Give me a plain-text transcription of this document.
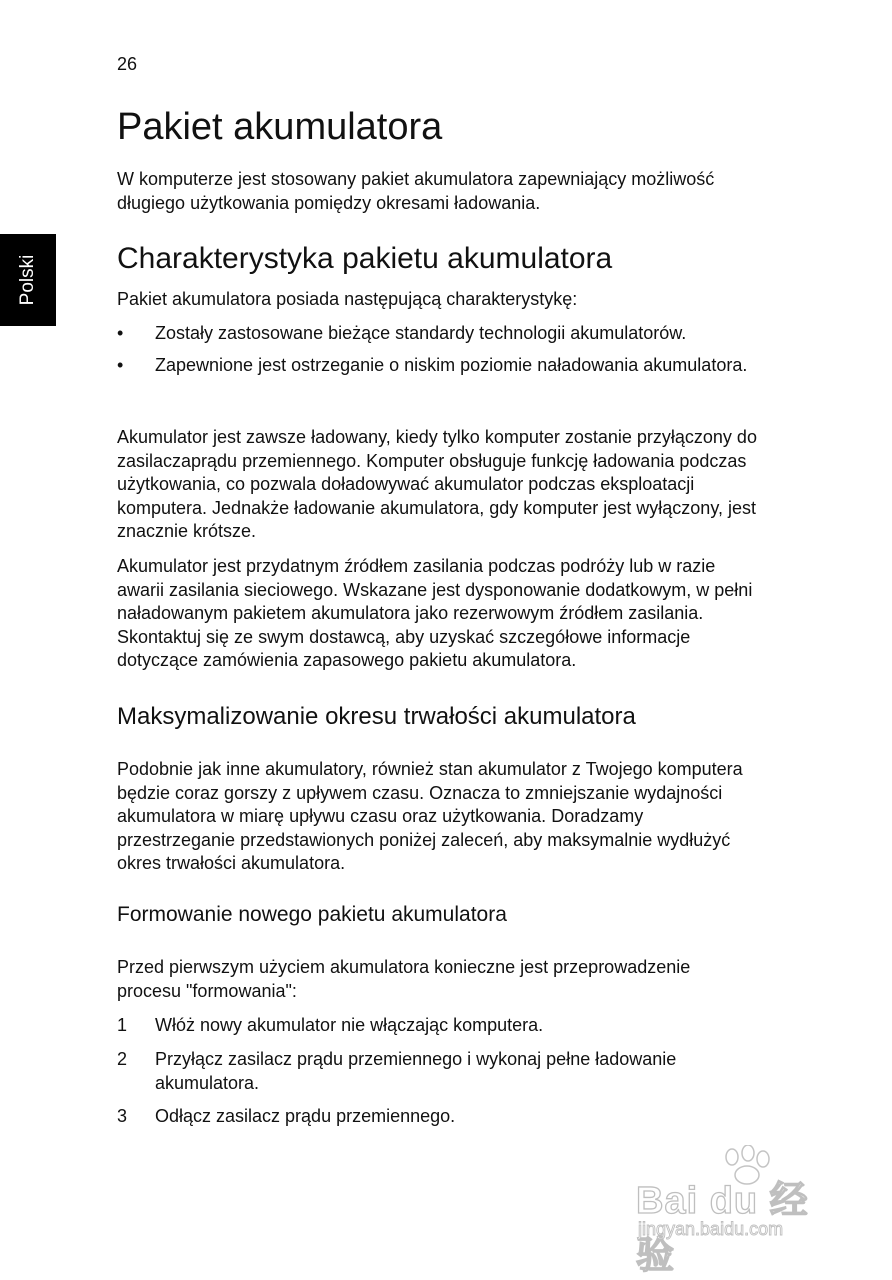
26
Polski
Pakiet akumulatora

W komputerze jest stosowany pakiet akumulatora zapewniający możliwość długiego użytkowania pomiędzy okresami ładowania.

Charakterystyka pakietu akumulatora

Pakiet akumulatora posiada następującą charakterystykę:

• Zostały zastosowane bieżące standardy technologii akumulatorów.
• Zapewnione jest ostrzeganie o niskim poziomie naładowania akumulatora.

Akumulator jest zawsze ładowany, kiedy tylko komputer zostanie przyłączony do zasilaczaprądu przemiennego. Komputer obsługuje funkcję ładowania podczas użytkowania, co pozwala doładowywać akumulator podczas eksploatacji komputera. Jednakże ładowanie akumulatora, gdy komputer jest wyłączony, jest znacznie krótsze.

Akumulator jest przydatnym źródłem zasilania podczas podróży lub w razie awarii zasilania sieciowego. Wskazane jest dysponowanie dodatkowym, w pełni naładowanym pakietem akumulatora jako rezerwowym źródłem zasilania. Skontaktuj się ze swym dostawcą, aby uzyskać szczegółowe informacje dotyczące zamówienia zapasowego pakietu akumulatora.

Maksymalizowanie okresu trwałości akumulatora

Podobnie jak inne akumulatory, również stan akumulator z Twojego komputera będzie coraz gorszy z upływem czasu. Oznacza to zmniejszanie wydajności akumulatora w miarę upływu czasu oraz użytkowania. Doradzamy przestrzeganie przedstawionych poniżej zaleceń, aby maksymalnie wydłużyć okres trwałości akumulatora.

Formowanie nowego pakietu akumulatora

Przed pierwszym użyciem akumulatora konieczne jest przeprowadzenie procesu "formowania":

1 Włóż nowy akumulator nie włączając komputera.
2 Przyłącz zasilacz prądu przemiennego i wykonaj pełne ładowanie akumulatora.
3 Odłącz zasilacz prądu przemiennego.
Bai du 经验
jingyan.baidu.com
